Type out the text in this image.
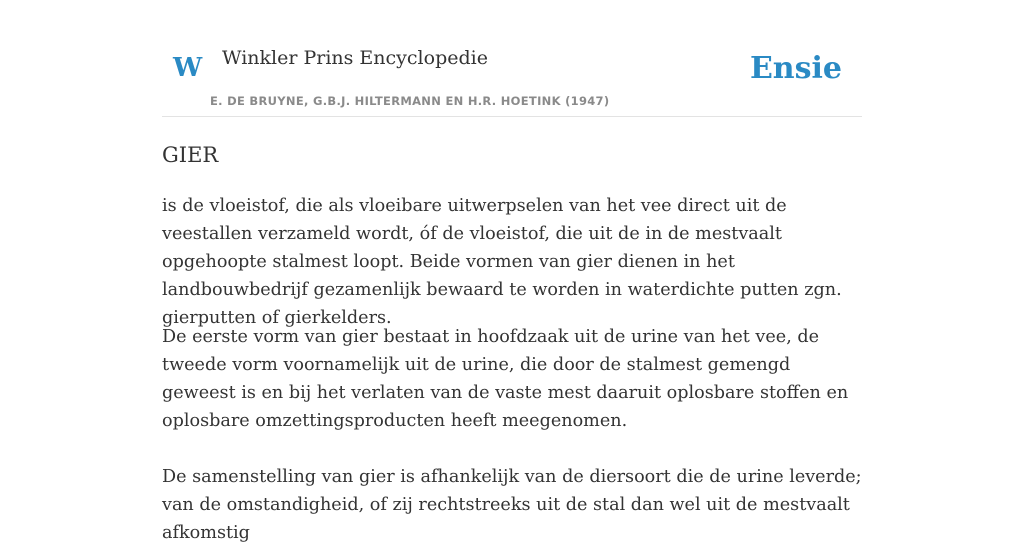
W Winkler Prins Encyclopedie
E. DE BRUYNE, G.B.J. HILTERMANN EN H.R. HOETINK (1947)
Ensie
GIER

is de vloeistof, die als vloeibare uitwerpselen van het vee direct uit de veestallen verzameld wordt, óf de vloeistof, die uit de in de mestvaalt opgehoopte stalmest loopt. Beide vormen van gier dienen in het landbouwbedrijf gezamenlijk bewaard te worden in waterdichte putten zgn. gierputten of gierkelders.

De eerste vorm van gier bestaat in hoofdzaak uit de urine van het vee, de tweede vorm voornamelijk uit de urine, die door de stalmest gemengd geweest is en bij het verlaten van de vaste mest daaruit oplosbare stoffen en oplosbare omzettingsproducten heeft meegenomen.

De samenstelling van gier is afhankelijk van de diersoort die de urine leverde; van de omstandigheid, of zij rechtstreeks uit de stal dan wel uit de mestvaalt afkomstig
